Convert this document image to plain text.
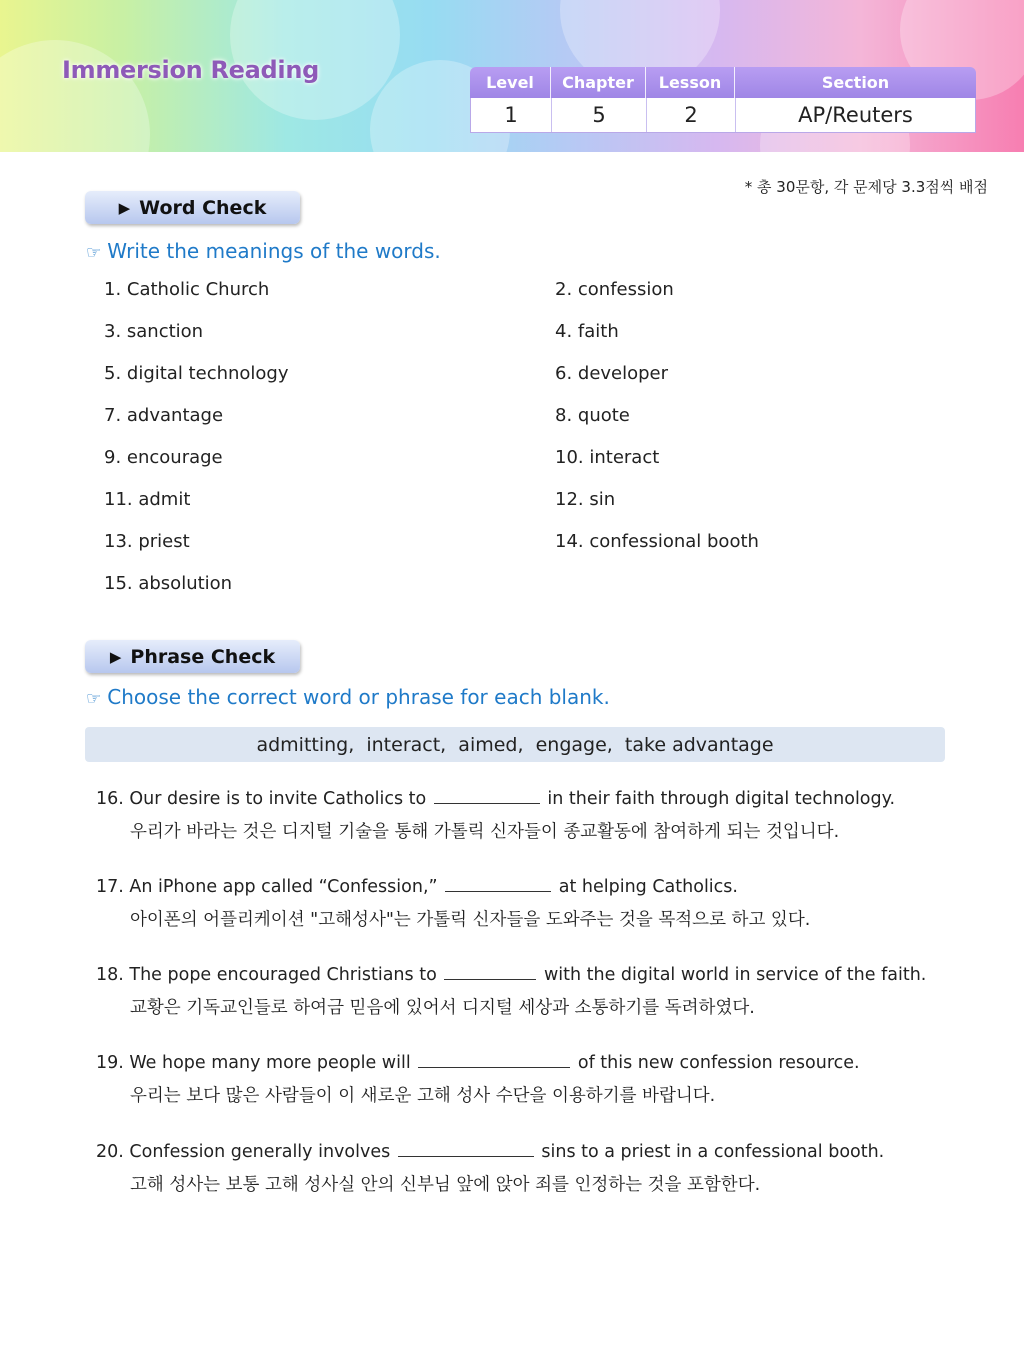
Immersion Reading	Level	Chapter	Lesson	Section
1	5	2	AP/Reuters
* 총 30문항, 각 문제당 3.3점씩 배점
▶ Word Check
☞ Write the meanings of the words.
1. Catholic Church	2. confession
3. sanction	4. faith
5. digital technology	6. developer
7. advantage	8. quote
9. encourage	10. interact
11. admit	12. sin
13. priest	14. confessional booth
15. absolution
▶ Phrase Check
☞ Choose the correct word or phrase for each blank.
admitting ,  interact ,  aimed ,  engage ,  take advantage
16. Our desire is to invite Catholics to	in their faith through digital technology.
우리가 바라는 것은 디지털 기술을 통해 가톨릭 신자들이 종교활동에 참여하게 되는 것입니다.
17. An iPhone app called “Confession,”	at helping Catholics.
아이폰의 어플리케이션 "고해성사"는 가톨릭 신자들을 도와주는 것을 목적으로 하고 있다.
18. The pope encouraged Christians to	with the digital world in service of the faith.
교황은 기독교인들로 하여금 믿음에 있어서 디지털 세상과 소통하기를 독려하였다.
19. We hope many more people will	of this new confession resource.
우리는 보다 많은 사람들이 이 새로운 고해 성사 수단을 이용하기를 바랍니다.
20. Confession generally involves	sins to a priest in a confessional booth.
고해 성사는 보통 고해 성사실 안의 신부님 앞에 앉아 죄를 인정하는 것을 포함한다.
